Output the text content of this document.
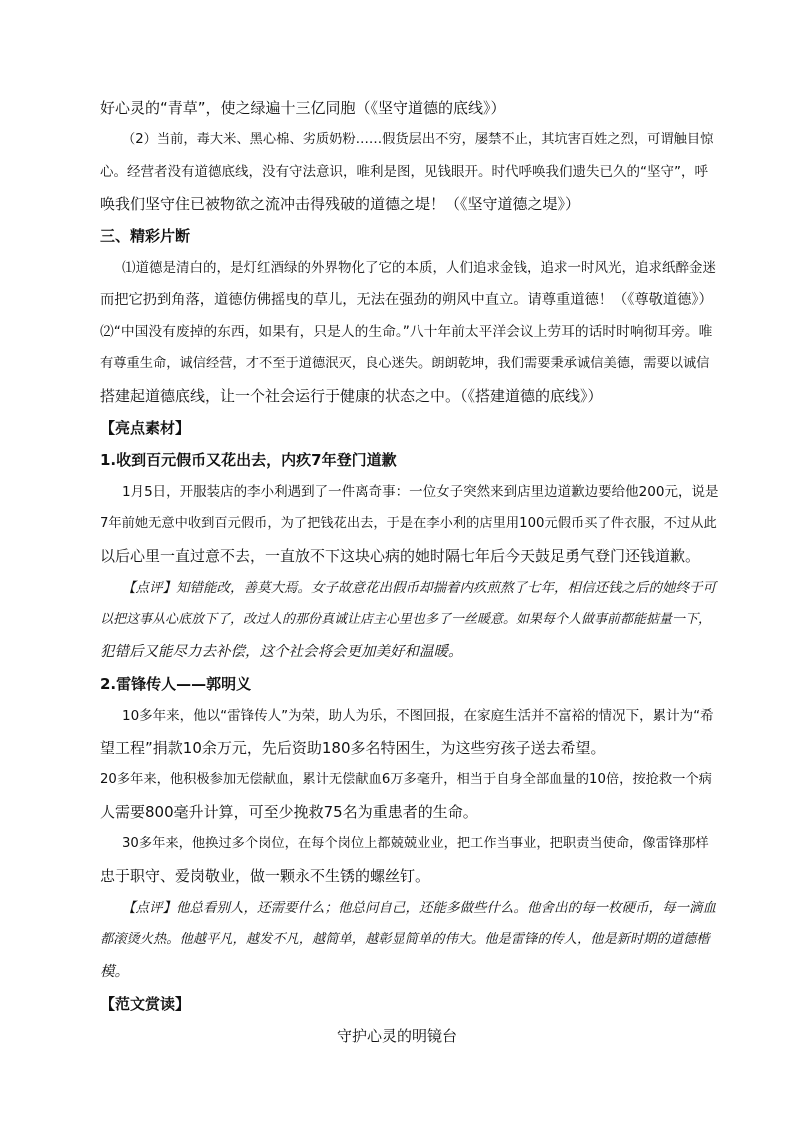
好心灵的“青草”，使之绿遍十三亿同胞（《坚守道德的底线》）
（2）当前，毒大米、黑心棉、劣质奶粉……假货层出不穷，屡禁不止，其坑害百姓之烈，可谓触目惊
心。经营者没有道德底线，没有守法意识，唯利是图，见钱眼开。时代呼唤我们遗失已久的“坚守”，呼
唤我们坚守住已被物欲之流冲击得残破的道德之堤！（《坚守道德之堤》）
三、精彩片断
⑴道德是清白的，是灯红酒绿的外界物化了它的本质，人们追求金钱，追求一时风光，追求纸醉金迷
而把它扔到角落，道德仿佛摇曳的草儿，无法在强劲的朔风中直立。请尊重道德！（《尊敬道德》）
⑵“中国没有废掉的东西，如果有，只是人的生命。”八十年前太平洋会议上劳耳的话时时响彻耳旁。唯
有尊重生命，诚信经营，才不至于道德泯灭，良心迷失。朗朗乾坤，我们需要秉承诚信美德，需要以诚信
搭建起道德底线，让一个社会运行于健康的状态之中。（《搭建道德的底线》）
【亮点素材】
1.收到百元假币又花出去，内疚7年登门道歉
1月5日，开服装店的李小利遇到了一件离奇事：一位女子突然来到店里边道歉边要给他200元，说是
7年前她无意中收到百元假币，为了把钱花出去，于是在李小利的店里用100元假币买了件衣服，不过从此
以后心里一直过意不去，一直放不下这块心病的她时隔七年后今天鼓足勇气登门还钱道歉。
【点评】知错能改，善莫大焉。女子故意花出假币却揣着内疚煎熬了七年，相信还钱之后的她终于可
以把这事从心底放下了，改过人的那份真诚让店主心里也多了一丝暖意。如果每个人做事前都能掂量一下，
犯错后又能尽力去补偿，这个社会将会更加美好和温暖。
2.雷锋传人——郭明义
10多年来，他以“雷锋传人”为荣，助人为乐，不图回报，在家庭生活并不富裕的情况下，累计为“希
望工程”捐款10余万元，先后资助180多名特困生，为这些穷孩子送去希望。
20多年来，他积极参加无偿献血，累计无偿献血6万多毫升，相当于自身全部血量的10倍，按抢救一个病
人需要800毫升计算，可至少挽救75名为重患者的生命。
30多年来，他换过多个岗位，在每个岗位上都兢兢业业，把工作当事业，把职责当使命，像雷锋那样
忠于职守、爱岗敬业，做一颗永不生锈的螺丝钉。
【点评】他总看别人，还需要什么；他总问自己，还能多做些什么。他舍出的每一枚硬币，每一滴血
都滚烫火热。他越平凡，越发不凡，越简单，越彰显简单的伟大。他是雷锋的传人，他是新时期的道德楷
模。
【范文赏读】
守护心灵的明镜台
